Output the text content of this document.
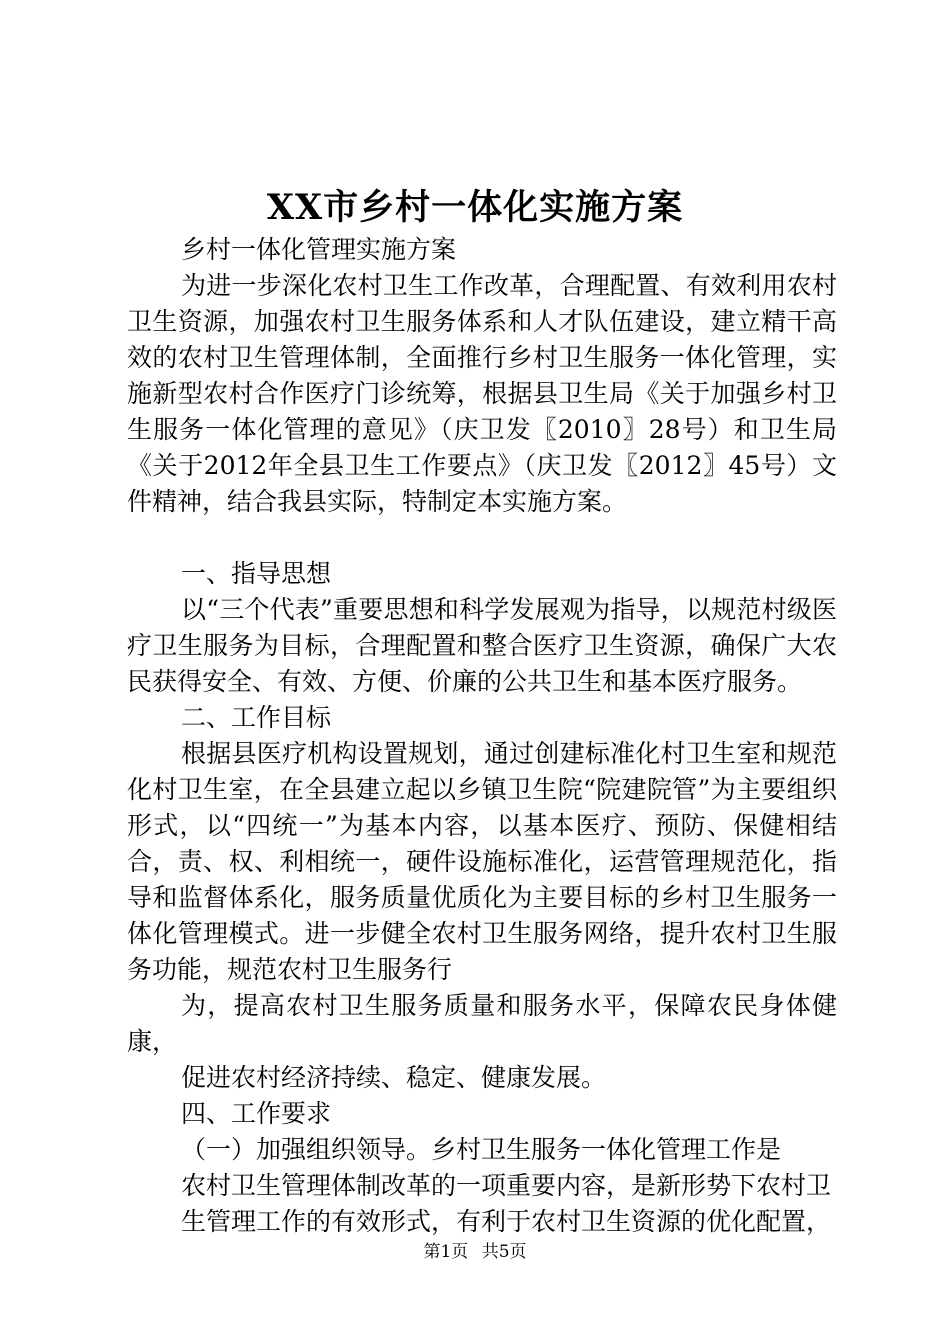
XX市乡村一体化实施方案

乡村一体化管理实施方案

为进一步深化农村卫生工作改革，合理配置、有效利用农村卫生资源，加强农村卫生服务体系和人才队伍建设，建立精干高效的农村卫生管理体制，全面推行乡村卫生服务一体化管理，实施新型农村合作医疗门诊统筹，根据县卫生局《关于加强乡村卫生服务一体化管理的意见》（庆卫发〖2010〗28号）和卫生局《关于2012年全县卫生工作要点》（庆卫发〖2012〗45号）文件精神，结合我县实际，特制定本实施方案。

一、指导思想

以“三个代表”重要思想和科学发展观为指导，以规范村级医疗卫生服务为目标，合理配置和整合医疗卫生资源，确保广大农民获得安全、有效、方便、价廉的公共卫生和基本医疗服务。

二、工作目标

根据县医疗机构设置规划，通过创建标准化村卫生室和规范化村卫生室，在全县建立起以乡镇卫生院“院建院管”为主要组织形式，以“四统一”为基本内容，以基本医疗、预防、保健相结合，责、权、利相统一，硬件设施标准化，运营管理规范化，指导和监督体系化，服务质量优质化为主要目标的乡村卫生服务一体化管理模式。进一步健全农村卫生服务网络，提升农村卫生服务功能，规范农村卫生服务行

为，提高农村卫生服务质量和服务水平，保障农民身体健康，

促进农村经济持续、稳定、健康发展。

四、工作要求

（一）加强组织领导。乡村卫生服务一体化管理工作是

农村卫生管理体制改革的一项重要内容，是新形势下农村卫

生管理工作的有效形式，有利于农村卫生资源的优化配置，

第1页 共5页
